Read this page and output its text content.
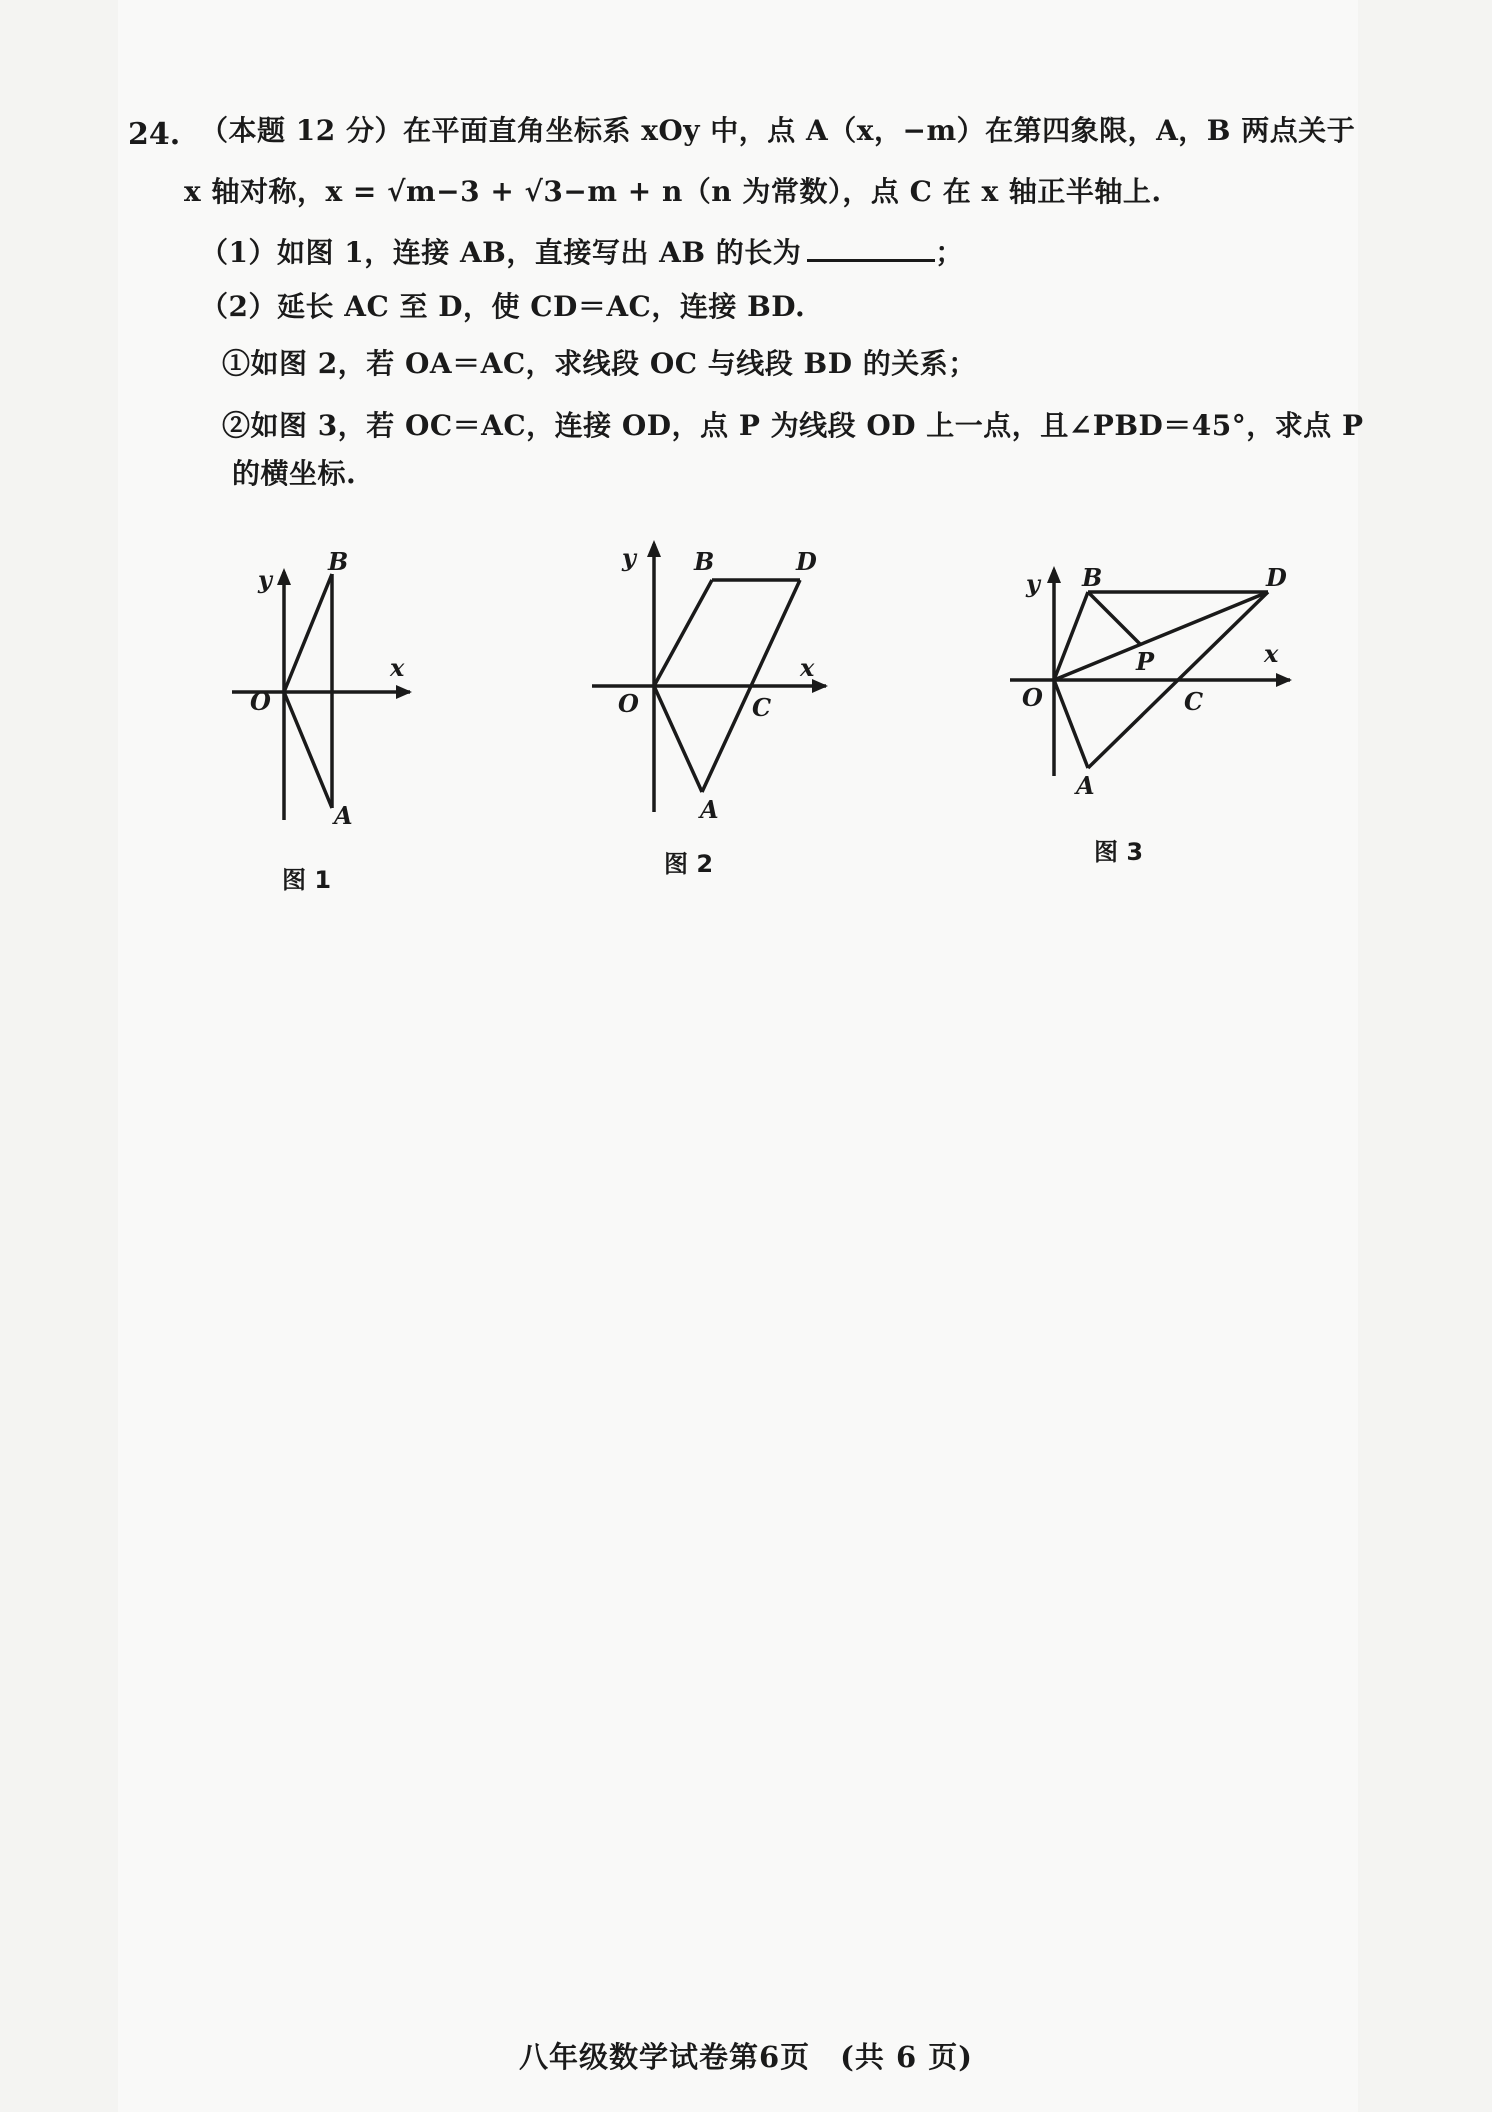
24. （本题 12 分）在平面直角坐标系 xOy 中，点 A（x，−m）在第四象限，A，B 两点关于
x 轴对称，x = √m−3 + √3−m + n（n 为常数），点 C 在 x 轴正半轴上.
（1）如图 1，连接 AB，直接写出 AB 的长为	；
（2）延长 AC 至 D，使 CD＝AC，连接 BD.
①如图 2，若 OA＝AC，求线段 OC 与线段 BD 的关系；
②如图 3，若 OC＝AC，连接 OD，点 P 为线段 OD 上一点，且∠PBD＝45°，求点 P
的横坐标.
y
x
O
B
A
图 1
y
x
O
B	D
C
A
图 2
y
x
O
B	D
C
A
P
图 3
八年级数学试卷第6页　(共 6 页)
